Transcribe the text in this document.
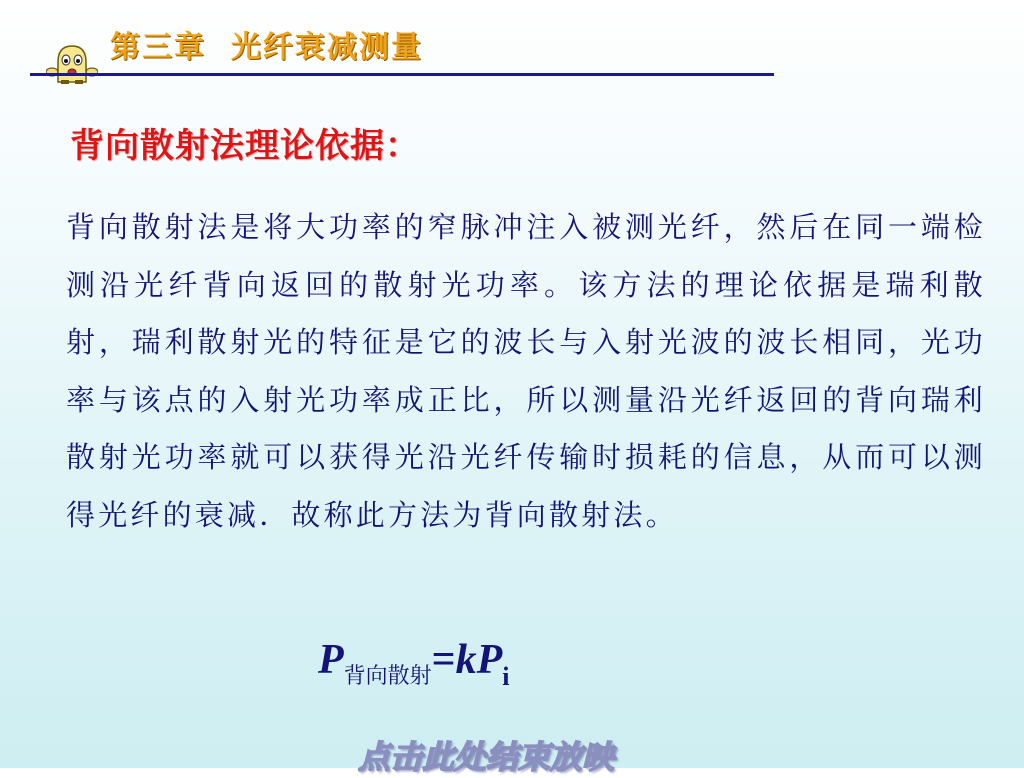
第三章  光纤衰减测量
背向散射法理论依据：
背向散射法是将大功率的窄脉冲注入被测光纤，然后在同一端检测沿光纤背向返回的散射光功率。该方法的理论依据是瑞利散射，瑞利散射光的特征是它的波长与入射光波的波长相同，光功率与该点的入射光功率成正比，所以测量沿光纤返回的背向瑞利散射光功率就可以获得光沿光纤传输时损耗的信息，从而可以测得光纤的衰减．故称此方法为背向散射法。
P背向散射=kPi
点击此处结束放映
